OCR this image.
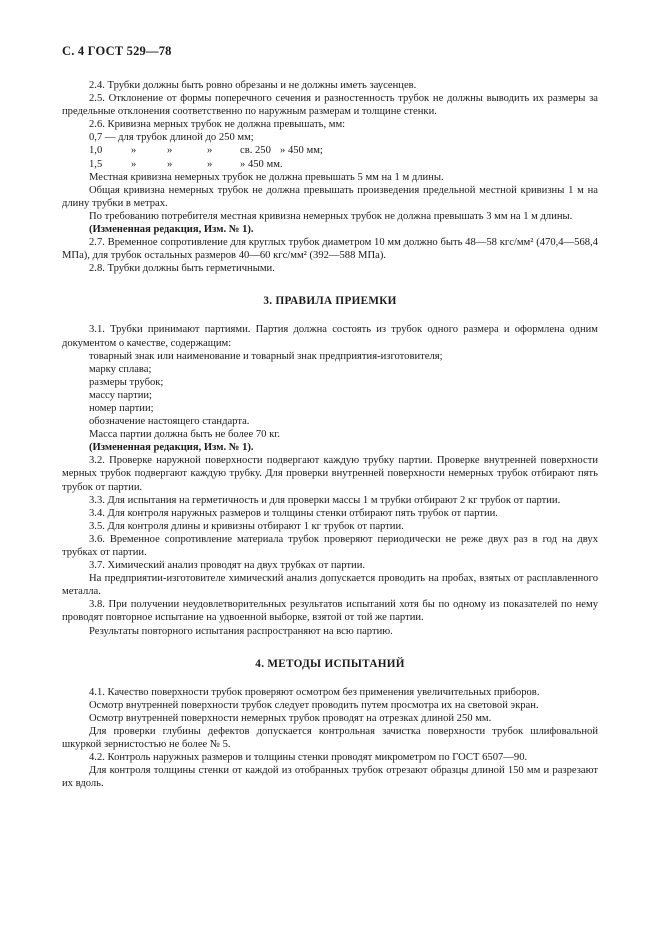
С. 4 ГОСТ 529—78

2.4. Трубки должны быть ровно обрезаны и не должны иметь заусенцев.

2.5. Отклонение от формы поперечного сечения и разностенность трубок не должны выводить их размеры за предельные отклонения соответственно по наружным размерам и толщине стенки.

2.6. Кривизна мерных трубок не должна превышать, мм:

0,7 — для трубок длиной до 250 мм;
1,0	»	»	»	св. 250 » 450 мм;
1,5	»	»	»	» 450 мм.

Местная кривизна немерных трубок не должна превышать 5 мм на 1 м длины.

Общая кривизна немерных трубок не должна превышать произведения предельной местной кривизны 1 м на длину трубки в метрах.

По требованию потребителя местная кривизна немерных трубок не должна превышать 3 мм на 1 м длины.

(Измененная редакция, Изм. № 1).

2.7. Временное сопротивление для круглых трубок диаметром 10 мм должно быть 48—58 кгс/мм² (470,4—568,4 МПа), для трубок остальных размеров 40—60 кгс/мм² (392—588 МПа).

2.8. Трубки должны быть герметичными.

3. ПРАВИЛА ПРИЕМКИ

3.1. Трубки принимают партиями. Партия должна состоять из трубок одного размера и оформлена одним документом о качестве, содержащим:

товарный знак или наименование и товарный знак предприятия-изготовителя;

марку сплава;

размеры трубок;

массу партии;

номер партии;

обозначение настоящего стандарта.

Масса партии должна быть не более 70 кг.

(Измененная редакция, Изм. № 1).

3.2. Проверке наружной поверхности подвергают каждую трубку партии. Проверке внутренней поверхности мерных трубок подвергают каждую трубку. Для проверки внутренней поверхности немерных трубок отбирают пять трубок от партии.

3.3. Для испытания на герметичность и для проверки массы 1 м трубки отбирают 2 кг трубок от партии.

3.4. Для контроля наружных размеров и толщины стенки отбирают пять трубок от партии.

3.5. Для контроля длины и кривизны отбирают 1 кг трубок от партии.

3.6. Временное сопротивление материала трубок проверяют периодически не реже двух раз в год на двух трубках от партии.

3.7. Химический анализ проводят на двух трубках от партии.

На предприятии-изготовителе химический анализ допускается проводить на пробах, взятых от расплавленного металла.

3.8. При получении неудовлетворительных результатов испытаний хотя бы по одному из показателей по нему проводят повторное испытание на удвоенной выборке, взятой от той же партии.

Результаты повторного испытания распространяют на всю партию.

4. МЕТОДЫ ИСПЫТАНИЙ

4.1. Качество поверхности трубок проверяют осмотром без применения увеличительных приборов.

Осмотр внутренней поверхности трубок следует проводить путем просмотра их на световой экран.

Осмотр внутренней поверхности немерных трубок проводят на отрезках длиной 250 мм.

Для проверки глубины дефектов допускается контрольная зачистка поверхности трубок шлифовальной шкуркой зернистостью не более № 5.

4.2. Контроль наружных размеров и толщины стенки проводят микрометром по ГОСТ 6507—90.

Для контроля толщины стенки от каждой из отобранных трубок отрезают образцы длиной 150 мм и разрезают их вдоль.
